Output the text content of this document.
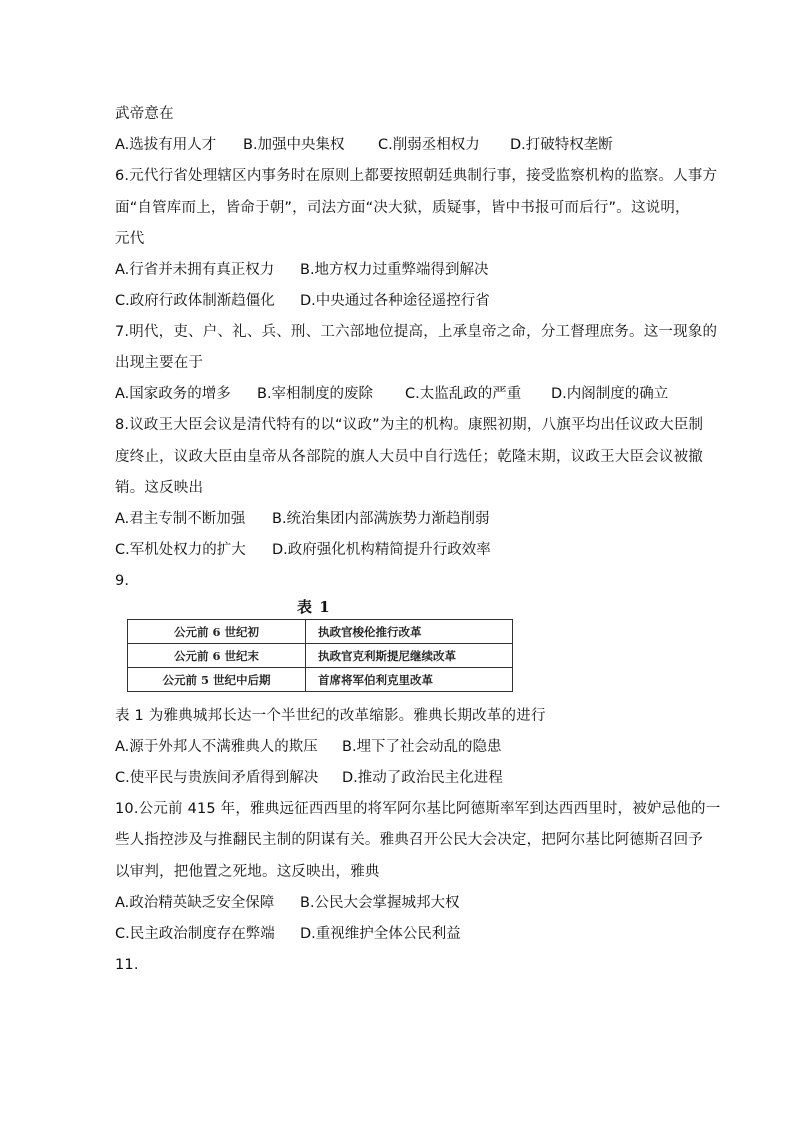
武帝意在
A.选拔有用人才 B.加强中央集权 C.削弱丞相权力 D.打破特权垄断
6.元代行省处理辖区内事务时在原则上都要按照朝廷典制行事，接受监察机构的监察。人事方
面“自管库而上，皆命于朝”，司法方面“决大狱，质疑事，皆中书报可而后行”。这说明，
元代
A.行省并未拥有真正权力 B.地方权力过重弊端得到解决
C.政府行政体制渐趋僵化 D.中央通过各种途径遥控行省
7.明代，吏、户、礼、兵、刑、工六部地位提高，上承皇帝之命，分工督理庶务。这一现象的
出现主要在于
A.国家政务的增多 B.宰相制度的废除 C.太监乱政的严重 D.内阁制度的确立
8.议政王大臣会议是清代特有的以“议政”为主的机构。康熙初期，八旗平均出任议政大臣制
度终止，议政大臣由皇帝从各部院的旗人大员中自行选任；乾隆末期，议政王大臣会议被撤
销。这反映出
A.君主专制不断加强 B.统治集团内部满族势力渐趋削弱
C.军机处权力的扩大 D.政府强化机构精简提升行政效率
9.
表 1
公元前 6 世纪初	执政官梭伦推行改革
公元前 6 世纪末	执政官克利斯提尼继续改革
公元前 5 世纪中后期	首席将军伯利克里改革
表 1 为雅典城邦长达一个半世纪的改革缩影。雅典长期改革的进行
A.源于外邦人不满雅典人的欺压 B.埋下了社会动乱的隐患
C.使平民与贵族间矛盾得到解决 D.推动了政治民主化进程
10.公元前 415 年，雅典远征西西里的将军阿尔基比阿德斯率军到达西西里时，被妒忌他的一
些人指控涉及与推翻民主制的阴谋有关。雅典召开公民大会决定，把阿尔基比阿德斯召回予
以审判，把他置之死地。这反映出，雅典
A.政治精英缺乏安全保障 B.公民大会掌握城邦大权
C.民主政治制度存在弊端 D.重视维护全体公民利益
11.
